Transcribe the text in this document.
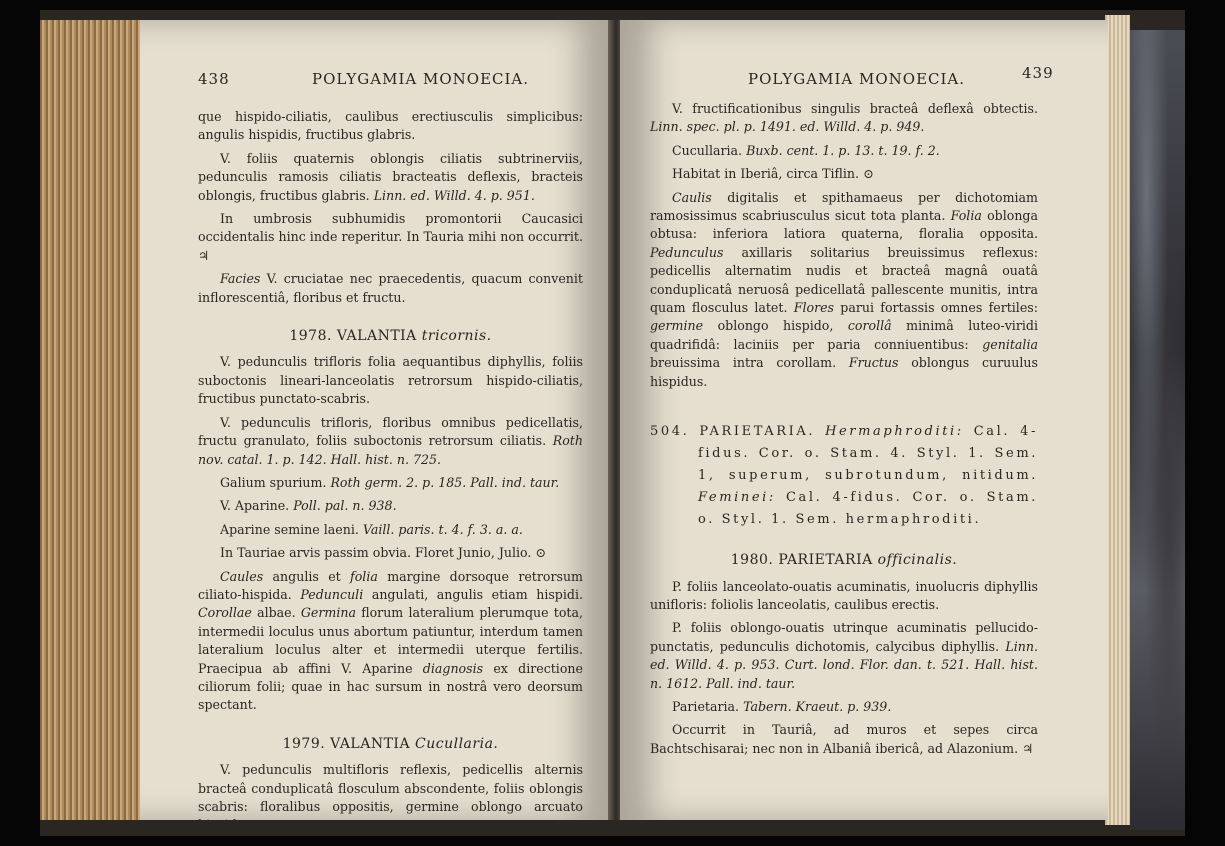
438	POLYGAMIA MONOECIA.

que hispido-ciliatis, caulibus erectiusculis simplicibus: angulis hispidis, fructibus glabris.

V. foliis quaternis oblongis ciliatis subtrinerviis, pedunculis ramosis ciliatis bracteatis deflexis, bracteis oblongis, fructibus glabris. Linn. ed. Willd. 4. p. 951.

In umbrosis subhumidis promontorii Caucasici occidentalis hinc inde reperitur. In Tauria mihi non occurrit. ♃

Facies V. cruciatae nec praecedentis, quacum convenit inflorescentiâ, floribus et fructu.

1978. VALANTIA tricornis.

V. pedunculis trifloris folia aequantibus diphyllis, foliis suboctonis lineari-lanceolatis retrorsum hispido-ciliatis, fructibus punctato-scabris.

V. pedunculis trifloris, floribus omnibus pedicellatis, fructu granulato, foliis suboctonis retrorsum ciliatis. Roth nov. catal. 1. p. 142. Hall. hist. n. 725.

Galium spurium. Roth germ. 2. p. 185. Pall. ind. taur.

V. Aparine. Poll. pal. n. 938.

Aparine semine laeni. Vaill. paris. t. 4. f. 3. a. a.

In Tauriae arvis passim obvia. Floret Junio, Julio. ⊙

Caules angulis et folia margine dorsoque retrorsum ciliato-hispida. Pedunculi angulati, angulis etiam hispidi. Corollae albae. Germina florum lateralium plerumque tota, intermedii loculus unus abortum patiuntur, interdum tamen lateralium loculus alter et intermedii uterque fertilis. Praecipua ab affini V. Aparine diagnosis ex directione ciliorum folii; quae in hac sursum in nostrâ vero deorsum spectant.

1979. VALANTIA Cucullaria.

V. pedunculis multifloris reflexis, pedicellis alternis bracteâ conduplicatâ flosculum abscondente, foliis oblongis scabris: floralibus oppositis, germine oblongo arcuato hispido.

POLYGAMIA MONOECIA.	439

V. fructificationibus singulis bracteâ deflexâ obtectis. Linn. spec. pl. p. 1491. ed. Willd. 4. p. 949.

Cucullaria. Buxb. cent. 1. p. 13. t. 19. f. 2.

Habitat in Iberiâ, circa Tiflin. ⊙

Caulis digitalis et spithamaeus per dichotomiam ramosissimus scabriusculus sicut tota planta. Folia oblonga obtusa: inferiora latiora quaterna, floralia opposita. Pedunculus axillaris solitarius breuissimus reflexus: pedicellis alternatim nudis et bracteâ magnâ ouatâ conduplicatâ neruosâ pedicellatâ pallescente munitis, intra quam flosculus latet. Flores parui fortassis omnes fertiles: germine oblongo hispido, corollâ minimâ luteo-viridi quadrifidâ: laciniis per paria conniuentibus: genitalia breuissima intra corollam. Fructus oblongus curuulus hispidus.

504. PARIETARIA. Hermaphroditi: Cal. 4-fidus. Cor. o. Stam. 4. Styl. 1. Sem. 1, superum, subrotundum, nitidum. Feminei: Cal. 4-fidus. Cor. o. Stam. o. Styl. 1. Sem. hermaphroditi.

1980. PARIETARIA officinalis.

P. foliis lanceolato-ouatis acuminatis, inuolucris diphyllis unifloris: foliolis lanceolatis, caulibus erectis.

P. foliis oblongo-ouatis utrinque acuminatis pellucido-punctatis, pedunculis dichotomis, calycibus diphyllis. Linn. ed. Willd. 4. p. 953. Curt. lond. Flor. dan. t. 521. Hall. hist. n. 1612. Pall. ind. taur.

Parietaria. Tabern. Kraeut. p. 939.

Occurrit in Tauriâ, ad muros et sepes circa Bachtschisarai; nec non in Albaniâ ibericâ, ad Alazonium. ♃
